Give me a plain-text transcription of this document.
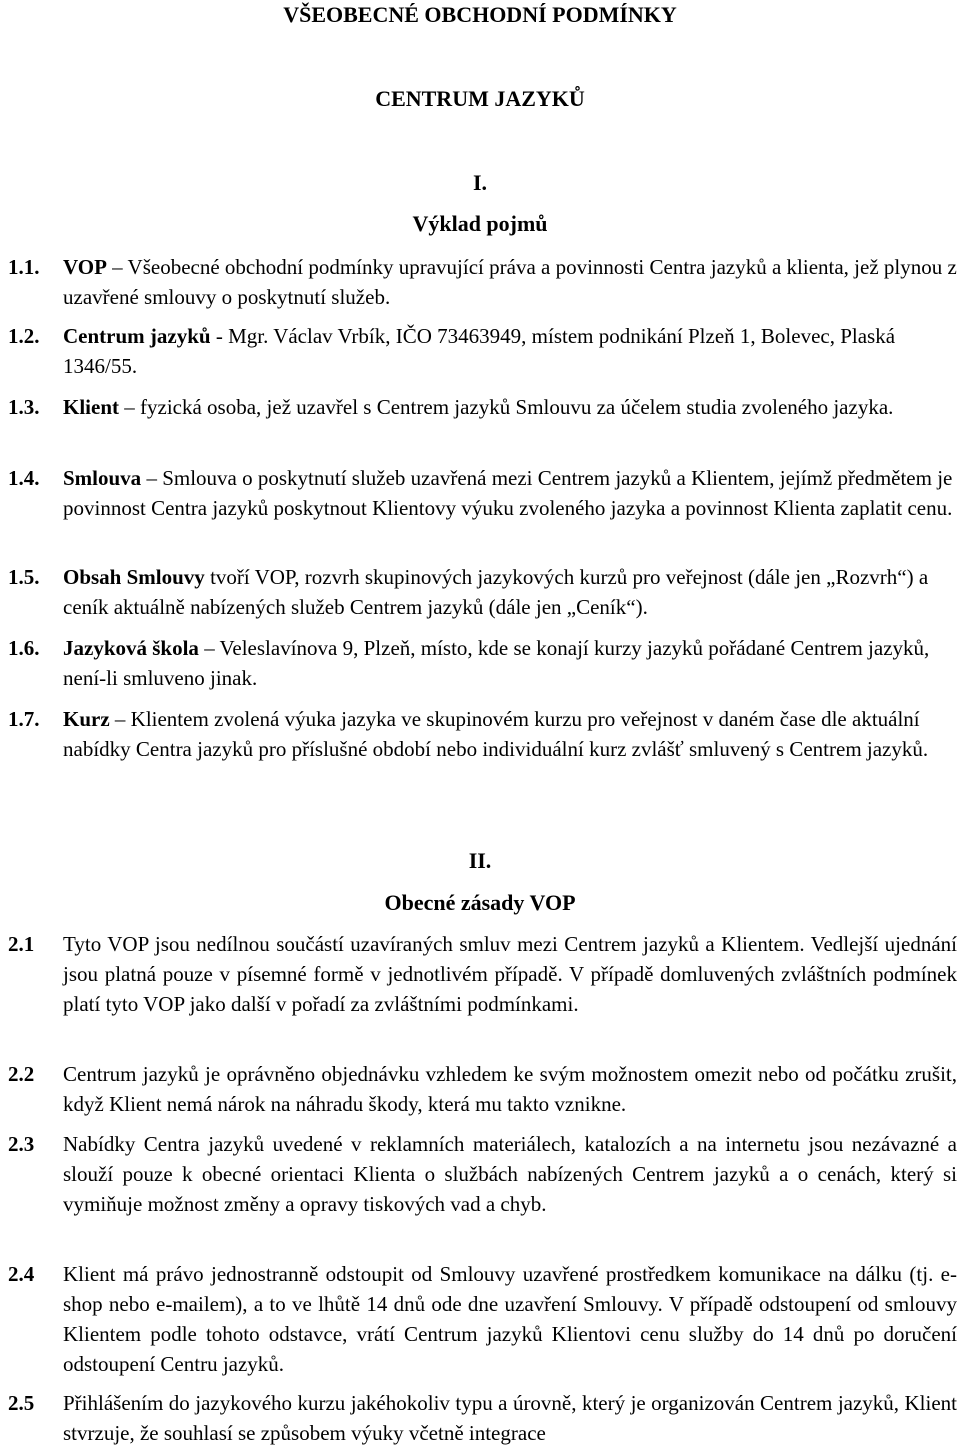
VŠEOBECNÉ OBCHODNÍ PODMÍNKY
CENTRUM JAZYKŮ
I.
Výklad pojmů
1.1.	VOP – Všeobecné obchodní podmínky upravující práva a povinnosti Centra jazyků a klienta, jež plynou z uzavřené smlouvy o poskytnutí služeb.
1.2.	Centrum jazyků - Mgr. Václav Vrbík, IČO 73463949, místem podnikání Plzeň 1, Bolevec, Plaská 1346/55.
1.3.	Klient – fyzická osoba, jež uzavřel s Centrem jazyků Smlouvu za účelem studia zvoleného jazyka.
1.4.	Smlouva – Smlouva o poskytnutí služeb uzavřená mezi Centrem jazyků a Klientem, jejímž předmětem je povinnost Centra jazyků poskytnout Klientovy výuku zvoleného jazyka a povinnost Klienta zaplatit cenu.
1.5.	Obsah Smlouvy tvoří VOP, rozvrh skupinových jazykových kurzů pro veřejnost (dále jen „Rozvrh“) a ceník aktuálně nabízených služeb Centrem jazyků (dále jen „Ceník“).
1.6.	Jazyková škola – Veleslavínova 9, Plzeň, místo, kde se konají kurzy jazyků pořádané Centrem jazyků, není-li smluveno jinak.
1.7.	Kurz – Klientem zvolená výuka jazyka ve skupinovém kurzu pro veřejnost v daném čase dle aktuální nabídky Centra jazyků pro příslušné období nebo individuální kurz zvlášť smluvený s Centrem jazyků.
II.
Obecné zásady VOP
2.1	Tyto VOP jsou nedílnou součástí uzavíraných smluv mezi Centrem jazyků a Klientem. Vedlejší ujednání jsou platná pouze v písemné formě v jednotlivém případě. V případě domluvených zvláštních podmínek platí tyto VOP jako další v pořadí za zvláštními podmínkami.
2.2	Centrum jazyků je oprávněno objednávku vzhledem ke svým možnostem omezit nebo od počátku zrušit, když Klient nemá nárok na náhradu škody, která mu takto vznikne.
2.3	Nabídky Centra jazyků uvedené v reklamních materiálech, katalozích a na internetu jsou nezávazné a slouží pouze k obecné orientaci Klienta o službách nabízených Centrem jazyků a o cenách, který si vymiňuje možnost změny a opravy tiskových vad a chyb.
2.4	Klient má právo jednostranně odstoupit od Smlouvy uzavřené prostředkem komunikace na dálku (tj. e-shop nebo e-mailem), a to ve lhůtě 14 dnů ode dne uzavření Smlouvy. V případě odstoupení od smlouvy Klientem podle tohoto odstavce, vrátí Centrum jazyků Klientovi cenu služby do 14 dnů po doručení odstoupení Centru jazyků.
2.5	Přihlášením do jazykového kurzu jakéhokoliv typu a úrovně, který je organizován Centrem jazyků, Klient stvrzuje, že souhlasí se způsobem výuky včetně integrace
